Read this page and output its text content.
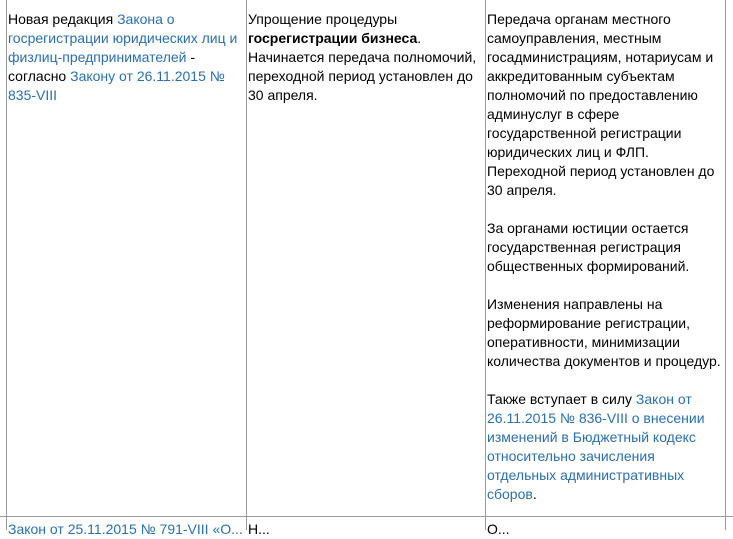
Новая редакция Закона о госрегистрации юридических лиц и физлиц-предпринимателей - согласно Закону от 26.11.2015 № 835-VIII
Упрощение процедуры госрегистрации бизнеса.

Начинается передача полномочий, переходной период установлен до 30 апреля.

Передача органам местного самоуправления, местным госадминистрациям, нотариусам и аккредитованным субъектам полномочий по предоставлению админуслуг в сфере государственной регистрации юридических лиц и ФЛП. Переходной период установлен до 30 апреля.

За органами юстиции остается государственная регистрация общественных формирований.

Изменения направлены на реформирование регистрации, оперативности, минимизации количества документов и процедур.

Также вступает в силу Закон от 26.11.2015 № 836-VIII о внесении изменений в Бюджетный кодекс относительно зачисления отдельных административных сборов.

Закон от 25.11.2015 № 791-VIII «О... Н...	О...
